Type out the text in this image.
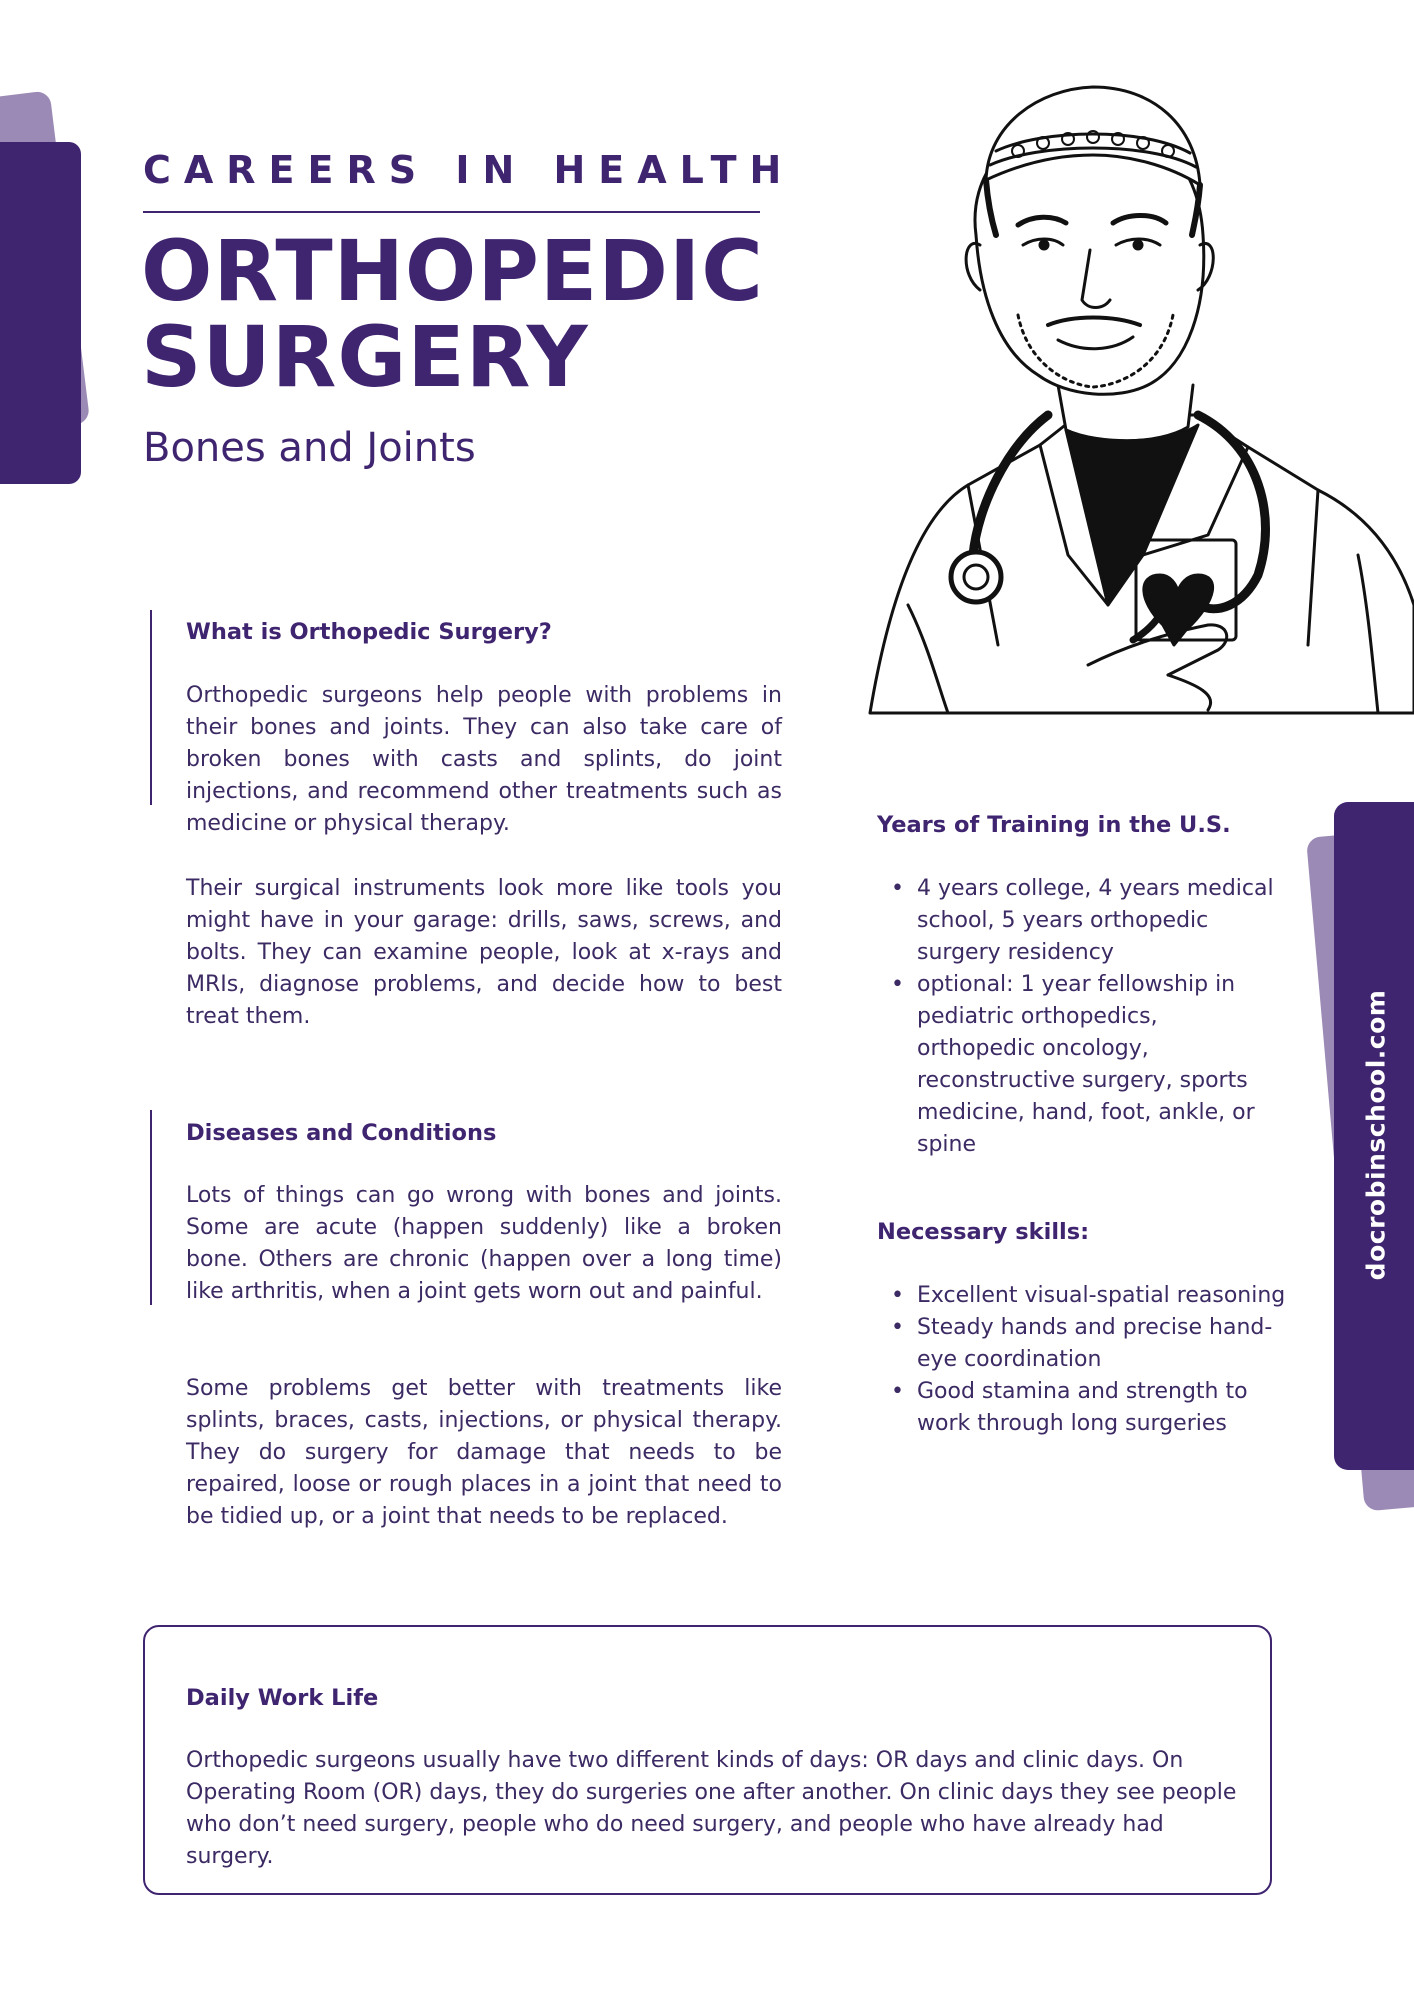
docrobinschool.com
CAREERS IN HEALTH
ORTHOPEDIC
SURGERY
Bones and Joints
What is Orthopedic Surgery?
Orthopedic surgeons help people with problems in their bones and joints. They can also take care of broken bones with casts and splints, do joint injections, and recommend other treatments such as medicine or physical therapy.
Their surgical instruments look more like tools you might have in your garage: drills, saws, screws, and bolts. They can examine people, look at x-rays and MRIs, diagnose problems, and decide how to best treat them.
Diseases and Conditions
Lots of things can go wrong with bones and joints. Some are acute (happen suddenly) like a broken bone. Others are chronic (happen over a long time) like arthritis, when a joint gets worn out and painful.
Some problems get better with treatments like splints, braces, casts, injections, or physical therapy. They do surgery for damage that needs to be repaired, loose or rough places in a joint that need to be tidied up, or a joint that needs to be replaced.
Years of Training in the U.S.
• 4 years college, 4 years medical school, 5 years orthopedic surgery residency
• optional: 1 year fellowship in pediatric orthopedics, orthopedic oncology, reconstructive surgery, sports medicine, hand, foot, ankle, or spine
Necessary skills:
• Excellent visual-spatial reasoning
• Steady hands and precise hand-eye coordination
• Good stamina and strength to work through long surgeries
Daily Work Life
Orthopedic surgeons usually have two different kinds of days: OR days and clinic days. On Operating Room (OR) days, they do surgeries one after another. On clinic days they see people who don’t need surgery, people who do need surgery, and people who have already had surgery.
